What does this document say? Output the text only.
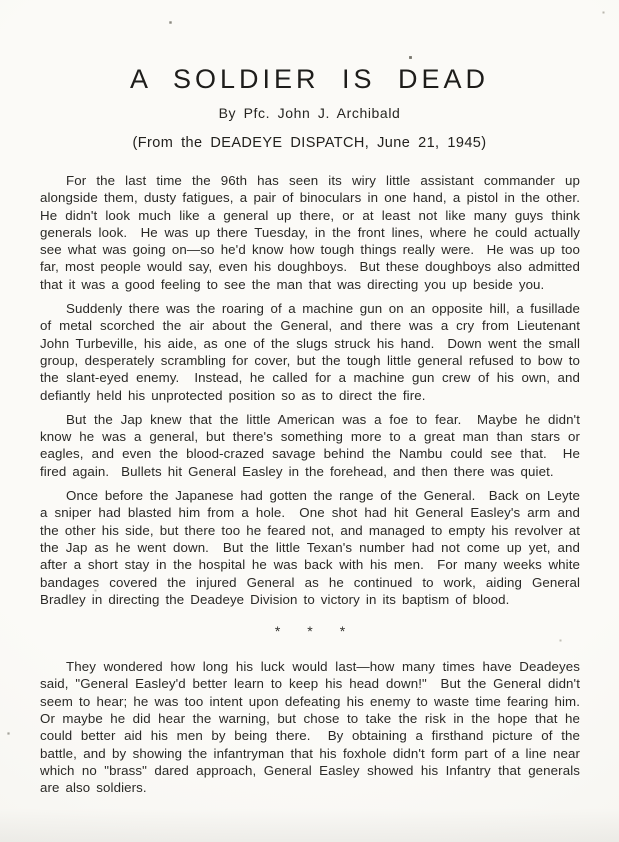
A SOLDIER IS DEAD
By Pfc. John J. Archibald
(From the DEADEYE DISPATCH, June 21, 1945)

For the last time the 96th has seen its wiry little assistant commander up alongside them, dusty fatigues, a pair of binoculars in one hand, a pistol in the other.  He didn't look much like a general up there, or at least not like many guys think generals look.  He was up there Tuesday, in the front lines, where he could actually see what was going on—so he'd know how tough things really were.  He was up too far, most people would say, even his doughboys.  But these doughboys also admitted that it was a good feeling to see the man that was directing you up beside you.

Suddenly there was the roaring of a machine gun on an opposite hill, a fusillade of metal scorched the air about the General, and there was a cry from Lieutenant John Turbeville, his aide, as one of the slugs struck his hand.  Down went the small group, desperately scrambling for cover, but the tough little general refused to bow to the slant-eyed enemy.  Instead, he called for a machine gun crew of his own, and defiantly held his unprotected position so as to direct the fire.

But the Jap knew that the little American was a foe to fear.  Maybe he didn't know he was a general, but there's something more to a great man than stars or eagles, and even the blood-crazed savage behind the Nambu could see that.  He fired again.  Bullets hit General Easley in the forehead, and then there was quiet.

Once before the Japanese had gotten the range of the General.  Back on Leyte a sniper had blasted him from a hole.  One shot had hit General Easley's arm and the other his side, but there too he feared not, and managed to empty his revolver at the Jap as he went down.  But the little Texan's number had not come up yet, and after a short stay in the hospital he was back with his men.  For many weeks white bandages covered the injured General as he continued to work, aiding General Bradley in directing the Deadeye Division to victory in its baptism of blood.

* * *

They wondered how long his luck would last—how many times have Deadeyes said, "General Easley'd better learn to keep his head down!"  But the General didn't seem to hear; he was too intent upon defeating his enemy to waste time fearing him.  Or maybe he did hear the warning, but chose to take the risk in the hope that he could better aid his men by being there.  By obtaining a firsthand picture of the battle, and by showing the infantryman that his foxhole didn't form part of a line near which no "brass" dared approach, General Easley showed his Infantry that generals are also soldiers.
